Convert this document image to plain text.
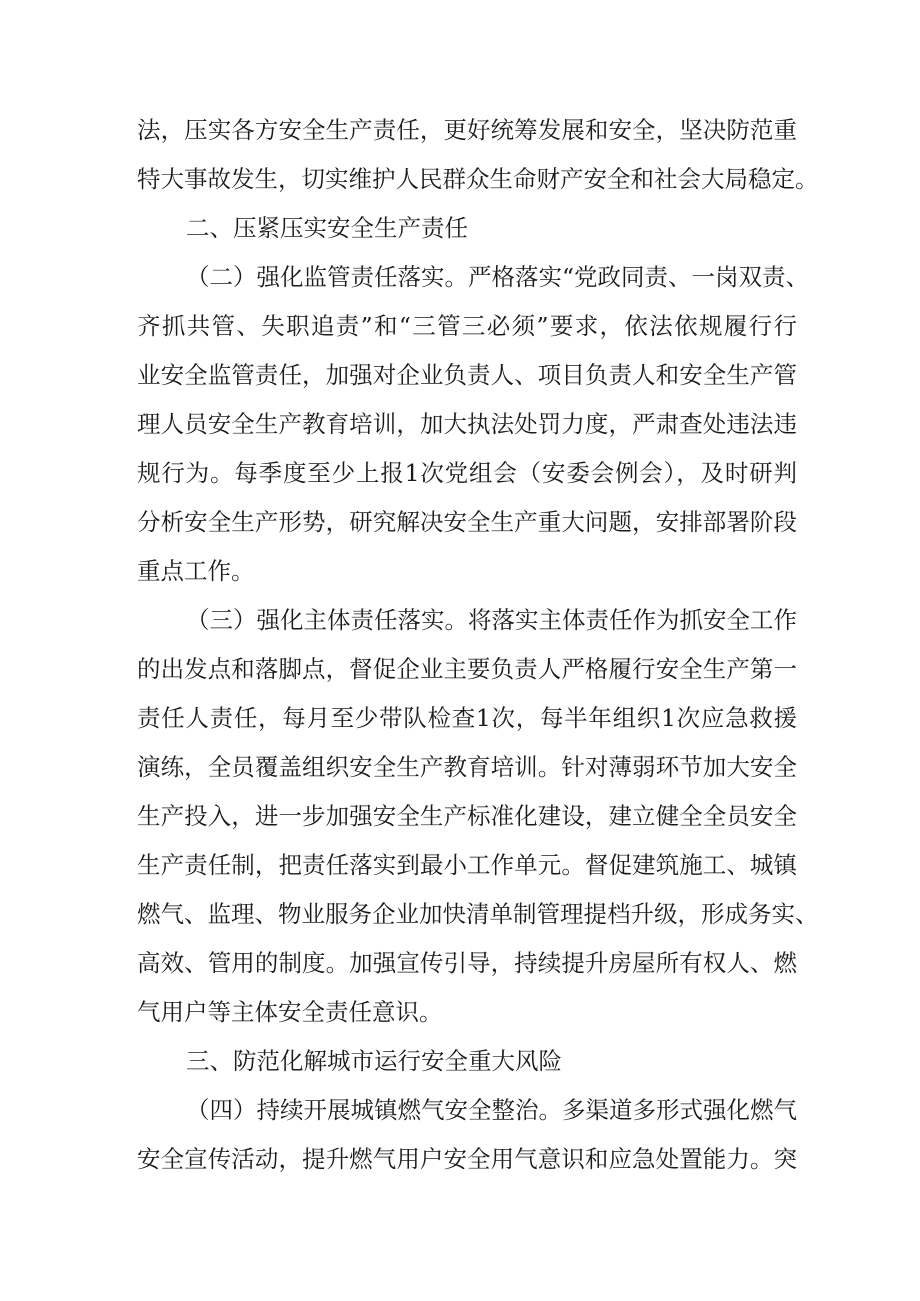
法，压实各方安全生产责任，更好统筹发展和安全，坚决防范重

特大事故发生，切实维护人民群众生命财产安全和社会大局稳定。

二、压紧压实安全生产责任

（二）强化监管责任落实。严格落实“党政同责、一岗双责、

齐抓共管、失职追责”和“三管三必须”要求，依法依规履行行

业安全监管责任，加强对企业负责人、项目负责人和安全生产管

理人员安全生产教育培训，加大执法处罚力度，严肃查处违法违

规行为。每季度至少上报1次党组会（安委会例会），及时研判

分析安全生产形势，研究解决安全生产重大问题，安排部署阶段

重点工作。

（三）强化主体责任落实。将落实主体责任作为抓安全工作

的出发点和落脚点，督促企业主要负责人严格履行安全生产第一

责任人责任，每月至少带队检查1次，每半年组织1次应急救援

演练，全员覆盖组织安全生产教育培训。针对薄弱环节加大安全

生产投入，进一步加强安全生产标准化建设，建立健全全员安全

生产责任制，把责任落实到最小工作单元。督促建筑施工、城镇

燃气、监理、物业服务企业加快清单制管理提档升级，形成务实、

高效、管用的制度。加强宣传引导，持续提升房屋所有权人、燃

气用户等主体安全责任意识。

三、防范化解城市运行安全重大风险

（四）持续开展城镇燃气安全整治。多渠道多形式强化燃气

安全宣传活动，提升燃气用户安全用气意识和应急处置能力。突
